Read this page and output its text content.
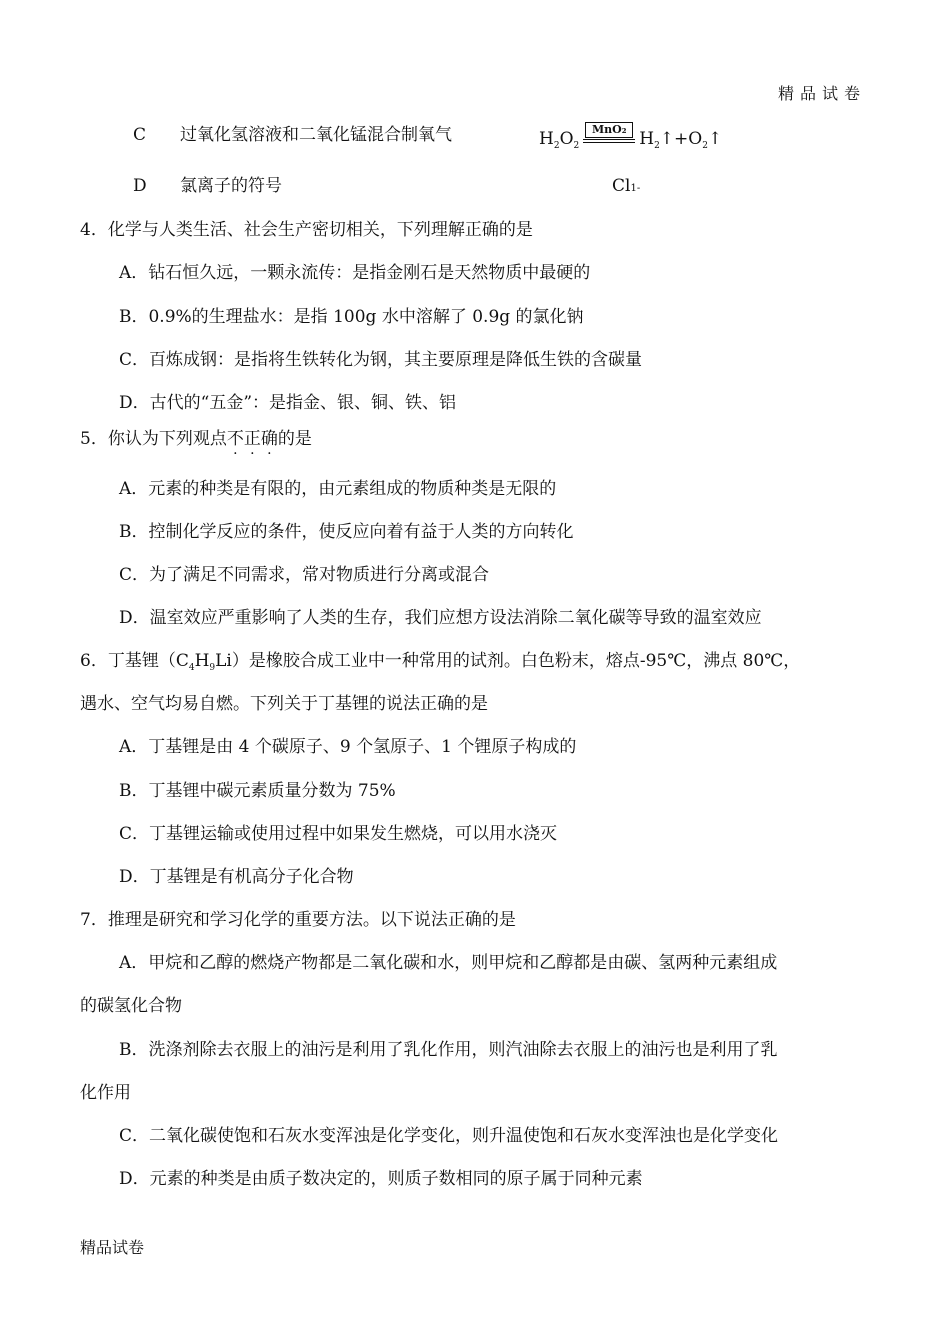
精品试卷
C 过氧化氢溶液和二氧化锰混合制氧气	$H_2O_2$
MnO₂ $H_2↑+O_2↑$
D 氯离子的符号	Cl1-
4．化学与人类生活、社会生产密切相关，下列理解正确的是
A．钻石恒久远，一颗永流传：是指金刚石是天然物质中最硬的
B．0.9%的生理盐水：是指 100g 水中溶解了 0.9g 的氯化钠
C．百炼成钢：是指将生铁转化为钢，其主要原理是降低生铁的含碳量
D．古代的“五金”：是指金、银、铜、铁、铝
5．你认为下列观点不正确的是
A．元素的种类是有限的，由元素组成的物质种类是无限的
B．控制化学反应的条件，使反应向着有益于人类的方向转化
C．为了满足不同需求，常对物质进行分离或混合
D．温室效应严重影响了人类的生存，我们应想方设法消除二氧化碳等导致的温室效应
6．丁基锂$(C_4H_9Li)$是橡胶合成工业中一种常用的试剂。白色粉末，熔点-95℃，沸点 80℃，
遇水、空气均易自燃。下列关于丁基锂的说法正确的是
A．丁基锂是由 4 个碳原子、9 个氢原子、1 个锂原子构成的
B．丁基锂中碳元素质量分数为 75%
C．丁基锂运输或使用过程中如果发生燃烧，可以用水浇灭
D．丁基锂是有机高分子化合物
7．推理是研究和学习化学的重要方法。以下说法正确的是
A．甲烷和乙醇的燃烧产物都是二氧化碳和水，则甲烷和乙醇都是由碳、氢两种元素组成
的碳氢化合物
B．洗涤剂除去衣服上的油污是利用了乳化作用，则汽油除去衣服上的油污也是利用了乳
化作用
C．二氧化碳使饱和石灰水变浑浊是化学变化，则升温使饱和石灰水变浑浊也是化学变化
D．元素的种类是由质子数决定的，则质子数相同的原子属于同种元素
精品试卷
